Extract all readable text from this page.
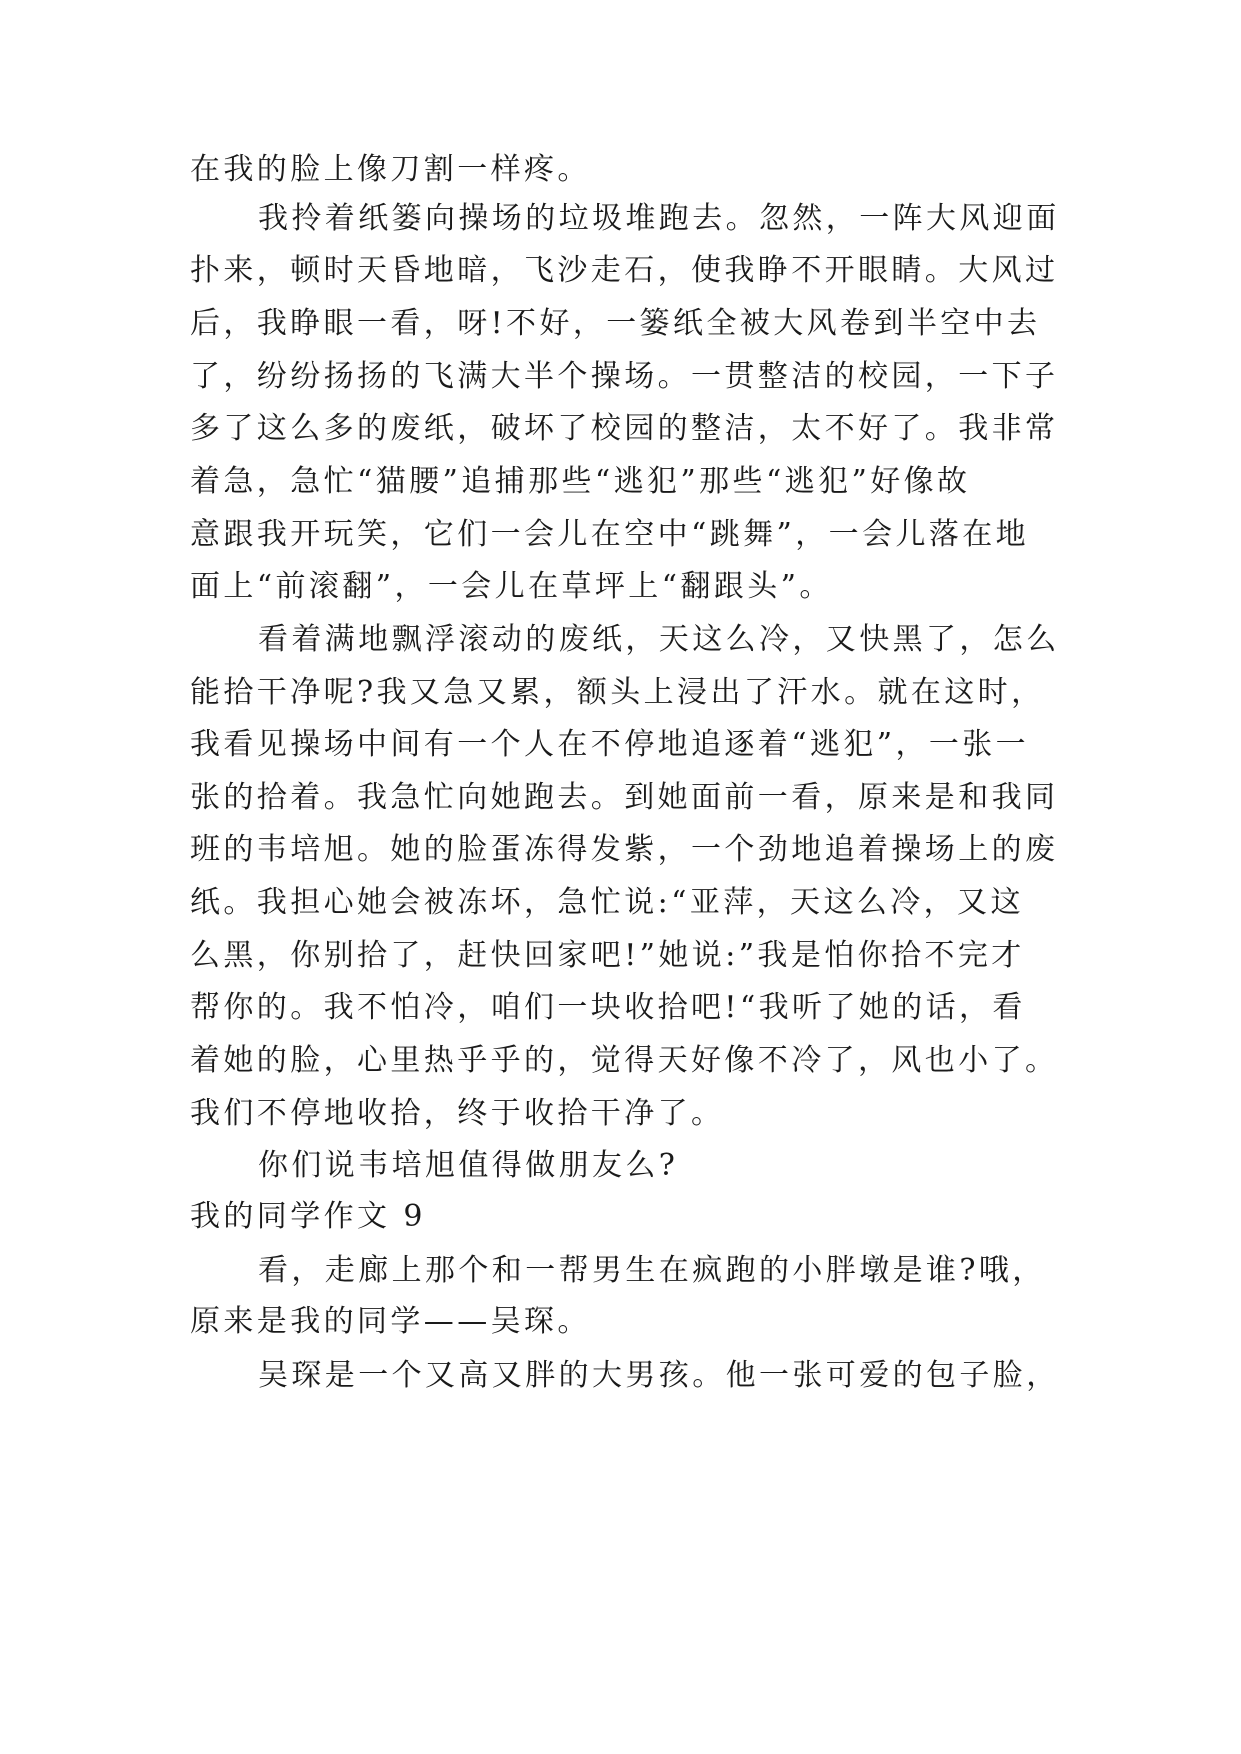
在我的脸上像刀割一样疼。
我拎着纸篓向操场的垃圾堆跑去。忽然，一阵大风迎面
扑来，顿时天昏地暗，飞沙走石，使我睁不开眼睛。大风过
后，我睁眼一看，呀!不好，一篓纸全被大风卷到半空中去
了，纷纷扬扬的飞满大半个操场。一贯整洁的校园，一下子
多了这么多的废纸，破坏了校园的整洁，太不好了。我非常
着急，急忙“猫腰”追捕那些“逃犯”那些“逃犯”好像故
意跟我开玩笑，它们一会儿在空中“跳舞”，一会儿落在地
面上“前滚翻”，一会儿在草坪上“翻跟头”。
看着满地飘浮滚动的废纸，天这么冷，又快黑了，怎么
能拾干净呢?我又急又累，额头上浸出了汗水。就在这时，
我看见操场中间有一个人在不停地追逐着“逃犯”，一张一
张的拾着。我急忙向她跑去。到她面前一看，原来是和我同
班的韦培旭。她的脸蛋冻得发紫，一个劲地追着操场上的废
纸。我担心她会被冻坏，急忙说:“亚萍，天这么冷，又这
么黑，你别拾了，赶快回家吧!”她说:”我是怕你拾不完才
帮你的。我不怕冷，咱们一块收拾吧!“我听了她的话，看
着她的脸，心里热乎乎的，觉得天好像不冷了，风也小了。
我们不停地收拾，终于收拾干净了。
你们说韦培旭值得做朋友么?
我的同学作文 9
看，走廊上那个和一帮男生在疯跑的小胖墩是谁?哦，
原来是我的同学——吴琛。
吴琛是一个又高又胖的大男孩。他一张可爱的包子脸，
